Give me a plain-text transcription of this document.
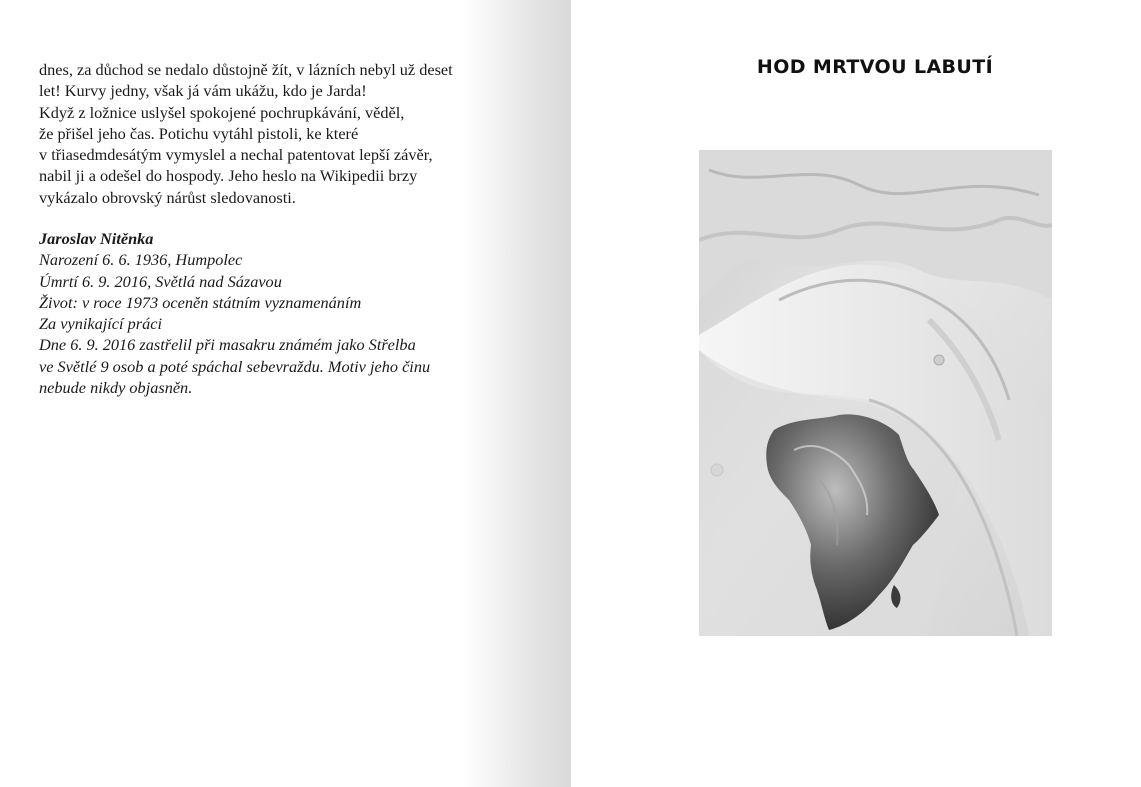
dnes, za důchod se nedalo důstojně žít, v lázních nebyl už deset
let! Kurvy jedny, však já vám ukážu, kdo je Jarda!
Když z ložnice uslyšel spokojené pochrupkávání, věděl,
že přišel jeho čas. Potichu vytáhl pistoli, ke které
v třiasedmdesátým vymyslel a nechal patentovat lepší závěr,
nabil ji a odešel do hospody. Jeho heslo na Wikipedii brzy
vykázalo obrovský nárůst sledovanosti.

Jaroslav Nitěnka
Narození 6. 6. 1936, Humpolec
Úmrtí 6. 9. 2016, Světlá nad Sázavou
Život: v roce 1973 oceněn státním vyznamenáním
Za vynikající práci
Dne 6. 9. 2016 zastřelil při masakru známém jako Střelba
ve Světlé 9 osob a poté spáchal sebevraždu. Motiv jeho činu
nebude nikdy objasněn.

HOD MRTVOU LABUTÍ
